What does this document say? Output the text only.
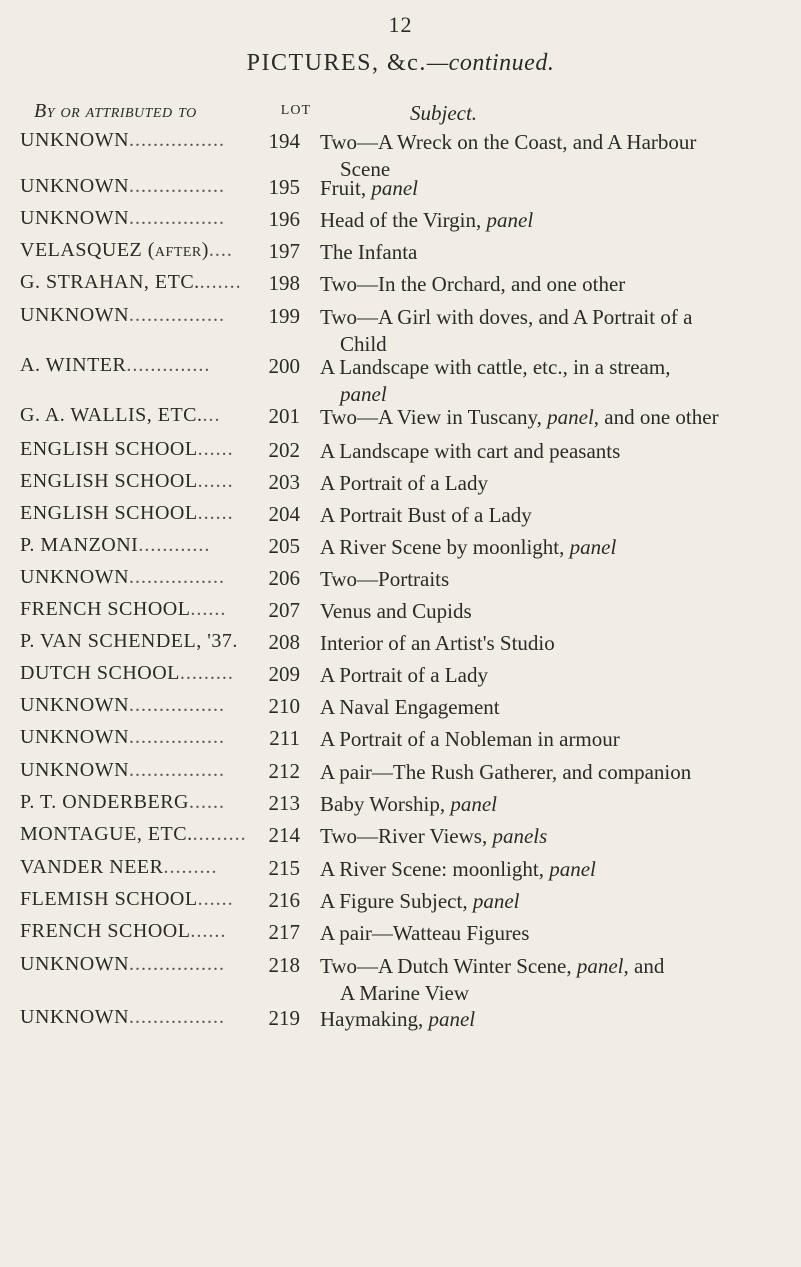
12
PICTURES, &c.—continued.
By or attributed to	LOT	Subject.
UNKNOWN................	194 Two—A Wreck on the Coast, and A Harbour
Scene
UNKNOWN................	195 Fruit, panel
UNKNOWN................	196 Head of the Virgin, panel
VELASQUEZ (after)....	197 The Infanta
G. STRAHAN, ETC........	198 Two—In the Orchard, and one other
UNKNOWN................	199 Two—A Girl with doves, and A Portrait of a
Child
A. WINTER..............	200 A Landscape with cattle, etc., in a stream,
panel
G. A. WALLIS, ETC....	201 Two—A View in Tuscany, panel, and one other
ENGLISH SCHOOL......	202 A Landscape with cart and peasants
ENGLISH SCHOOL......	203 A Portrait of a Lady
ENGLISH SCHOOL......	204 A Portrait Bust of a Lady
P. MANZONI............	205 A River Scene by moonlight, panel
UNKNOWN................	206 Two—Portraits
FRENCH SCHOOL......	207 Venus and Cupids
P. VAN SCHENDEL, '37.	208 Interior of an Artist's Studio
DUTCH SCHOOL.........	209 A Portrait of a Lady
UNKNOWN................	210 A Naval Engagement
UNKNOWN................	211 A Portrait of a Nobleman in armour
UNKNOWN................	212 A pair—The Rush Gatherer, and companion
P. T. ONDERBERG......	213 Baby Worship, panel
MONTAGUE, ETC..........	214 Two—River Views, panels
VANDER NEER.........	215 A River Scene: moonlight, panel
FLEMISH SCHOOL......	216 A Figure Subject, panel
FRENCH SCHOOL......	217 A pair—Watteau Figures
UNKNOWN................	218 Two—A Dutch Winter Scene, panel, and
A Marine View
UNKNOWN................	219 Haymaking, panel
